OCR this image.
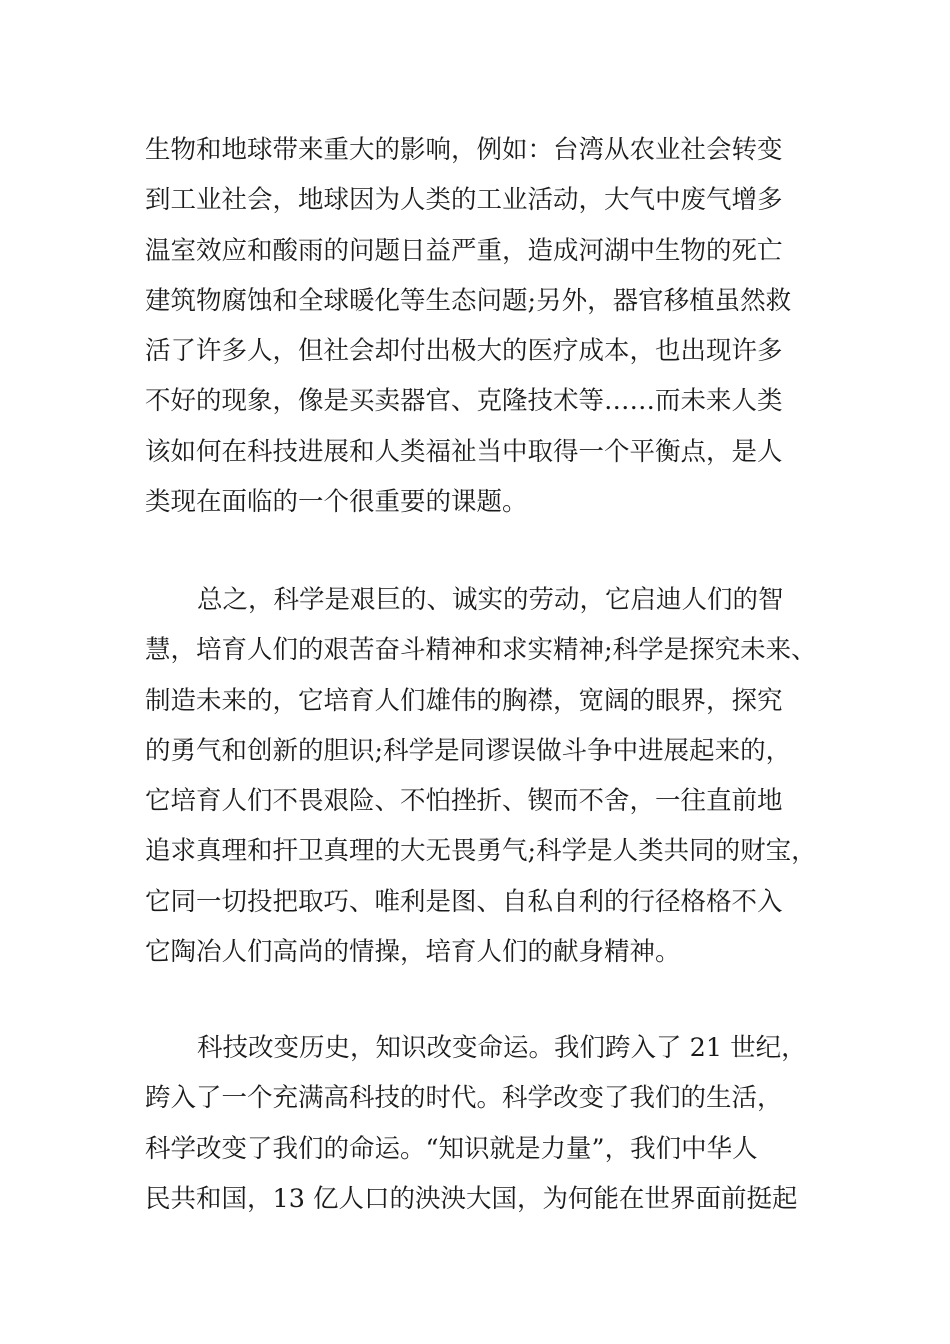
生物和地球带来重大的影响，例如：台湾从农业社会转变
到工业社会，地球因为人类的工业活动，大气中废气增多
温室效应和酸雨的问题日益严重，造成河湖中生物的死亡
建筑物腐蚀和全球暖化等生态问题;另外，器官移植虽然救
活了许多人，但社会却付出极大的医疗成本，也出现许多
不好的现象，像是买卖器官、克隆技术等……而未来人类
该如何在科技进展和人类福祉当中取得一个平衡点，是人
类现在面临的一个很重要的课题。
总之，科学是艰巨的、诚实的劳动，它启迪人们的智
慧，培育人们的艰苦奋斗精神和求实精神;科学是探究未来、
制造未来的，它培育人们雄伟的胸襟，宽阔的眼界，探究
的勇气和创新的胆识;科学是同谬误做斗争中进展起来的，
它培育人们不畏艰险、不怕挫折、锲而不舍，一往直前地
追求真理和扞卫真理的大无畏勇气;科学是人类共同的财宝，
它同一切投把取巧、唯利是图、自私自利的行径格格不入
它陶冶人们高尚的情操，培育人们的献身精神。
科技改变历史，知识改变命运。我们跨入了 21 世纪，
跨入了一个充满高科技的时代。科学改变了我们的生活，
科学改变了我们的命运。“知识就是力量”，我们中华人
民共和国，13 亿人口的泱泱大国，为何能在世界面前挺起
